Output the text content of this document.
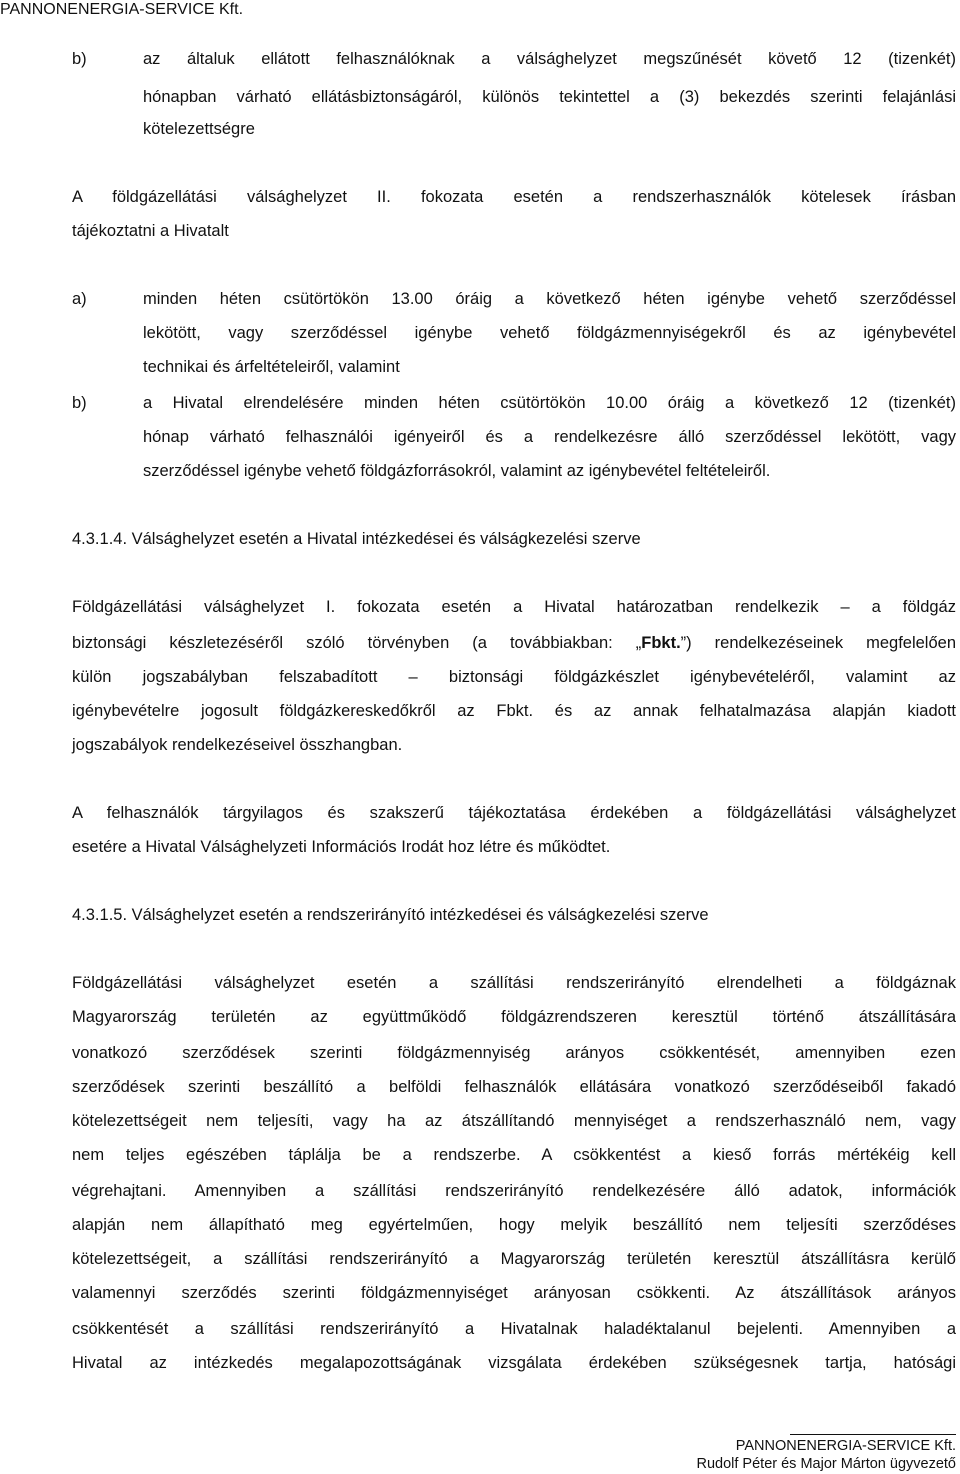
PANNONENERGIA-SERVICE Kft.
b)	az általuk ellátott felhasználóknak a válsághelyzet megszűnését követő 12 (tizenkét)
hónapban várható ellátásbiztonságáról, különös tekintettel a (3) bekezdés szerinti felajánlási
kötelezettségre
A földgázellátási válsághelyzet II. fokozata esetén a rendszerhasználók kötelesek írásban
tájékoztatni a Hivatalt
a)	minden héten csütörtökön 13.00 óráig a következő héten igénybe vehető szerződéssel
lekötött, vagy szerződéssel igénybe vehető földgázmennyiségekről és az igénybevétel
technikai és árfeltételeiről, valamint
b)	a Hivatal elrendelésére minden héten csütörtökön 10.00 óráig a következő 12 (tizenkét)
hónap várható felhasználói igényeiről és a rendelkezésre álló szerződéssel lekötött, vagy
szerződéssel igénybe vehető földgázforrásokról, valamint az igénybevétel feltételeiről.
4.3.1.4. Válsághelyzet esetén a Hivatal intézkedései és válságkezelési szerve
Földgázellátási válsághelyzet I. fokozata esetén a Hivatal határozatban rendelkezik – a földgáz
biztonsági készletezéséről szóló törvényben (a továbbiakban: „Fbkt.”) rendelkezéseinek megfelelően
külön jogszabályban felszabadított – biztonsági földgázkészlet igénybevételéről, valamint az
igénybevételre jogosult földgázkereskedőkről az Fbkt. és az annak felhatalmazása alapján kiadott
jogszabályok rendelkezéseivel összhangban.
A felhasználók tárgyilagos és szakszerű tájékoztatása érdekében a földgázellátási válsághelyzet
esetére a Hivatal Válsághelyzeti Információs Irodát hoz létre és működtet.
4.3.1.5. Válsághelyzet esetén a rendszerirányító intézkedései és válságkezelési szerve
Földgázellátási válsághelyzet esetén a szállítási rendszerirányító elrendelheti a földgáznak
Magyarország területén az együttműködő földgázrendszeren keresztül történő átszállítására
vonatkozó szerződések szerinti földgázmennyiség arányos csökkentését, amennyiben ezen
szerződések szerinti beszállító a belföldi felhasználók ellátására vonatkozó szerződéseiből fakadó
kötelezettségeit nem teljesíti, vagy ha az átszállítandó mennyiséget a rendszerhasználó nem, vagy
nem teljes egészében táplálja be a rendszerbe. A csökkentést a kieső forrás mértékéig kell
végrehajtani. Amennyiben a szállítási rendszerirányító rendelkezésére álló adatok, információk
alapján nem állapítható meg egyértelműen, hogy melyik beszállító nem teljesíti szerződéses
kötelezettségeit, a szállítási rendszerirányító a Magyarország területén keresztül átszállításra kerülő
valamennyi szerződés szerinti földgázmennyiséget arányosan csökkenti. Az átszállítások arányos
csökkentését a szállítási rendszerirányító a Hivatalnak haladéktalanul bejelenti. Amennyiben a
Hivatal az intézkedés megalapozottságának vizsgálata érdekében szükségesnek tartja, hatósági
PANNONENERGIA-SERVICE Kft.
Rudolf Péter és Major Márton ügyvezető
